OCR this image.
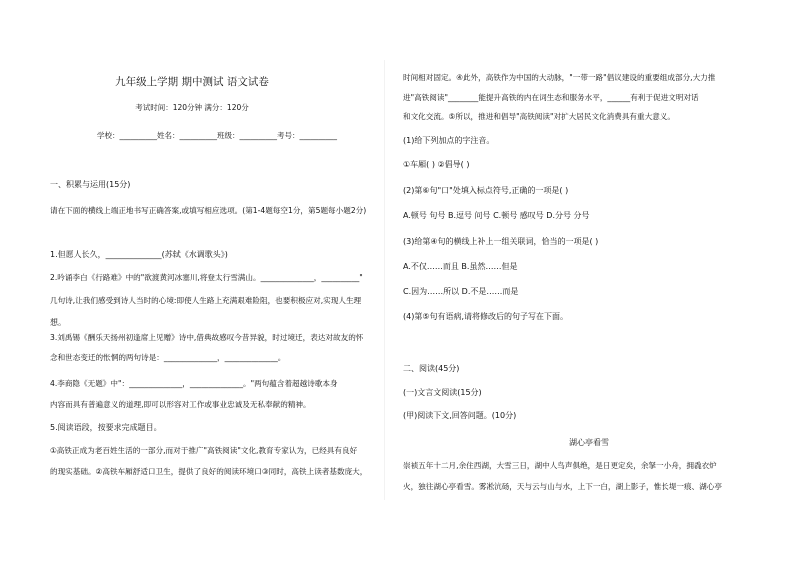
九年级上学期 期中测试 语文试卷
考试时间：120分钟 满分：120分
学校：__________姓名：__________班级：__________考号：__________
一、积累与运用(15分)
请在下面的横线上端正地书写正确答案,或填写相应选项。(第1-4题每空1分，第5题每小题2分)
1.但愿人长久，______________(苏轼《水调歌头》)
2.吟诵李白《行路难》中的"欲渡黄河冰塞川,将登太行雪满山。______________，__________"
几句诗,让我们感受到诗人当时的心境:即使人生路上充满艰难险阻，也要积极应对,实现人生理
想。
3.刘禹锡《酬乐天扬州初逢席上见赠》诗中,借典故感叹今昔异貌，时过境迁，表达对故友的怀
念和世态变迁的怅惘的两句诗是：______________，______________。
4.李商隐《无题》中"：______________，______________。"两句蕴含着超越诗歌本身
内容而具有普遍意义的道理,即可以形容对工作或事业忠诚及无私奉献的精神。
5.阅读语段，按要求完成题目。
①高铁正成为老百姓生活的一部分,而对于推广"高铁阅读"文化,教育专家认为，已经具有良好
的现实基础。②高铁车厢舒适口卫生，提供了良好的阅读环境口③同时，高铁上读者基数庞大，
时间相对固定。④此外，高铁作为中国的大动脉，"一带一路"倡议建设的重要组成部分,大力推
进"高铁阅读"________能提升高铁的内在词生态和服务水平，______有利于促进文明对话
和文化交流。⑤所以，推进和倡导"高铁阅读"对扩大居民文化消费具有重大意义。
(1)给下列加点的字注音。
①车厢( ) ②倡导( )
(2)第⑥句"口"处填入标点符号,正确的一项是( )
A.顿号 句号 B.逗号 问号 C.顿号 感叹号 D.分号 分号
(3)给第④句的横线上补上一组关联词，恰当的一项是( )
A.不仅……而且 B.虽然……但是
C.因为……所以 D.不是……而是
(4)第⑤句有语病,请将修改后的句子写在下面。
二、阅读(45分)
(一)文言文阅读(15分)
(甲)阅读下文,回答问题。(10分)
湖心亭看雪
崇祯五年十二月,余住西湖，大雪三日，湖中人鸟声俱绝，是日更定矣，余拏一小舟，拥毳衣炉
火，独往湖心亭看雪。雾凇沆砀，天与云与山与水，上下一白，湖上影子，惟长堤一痕、湖心亭
